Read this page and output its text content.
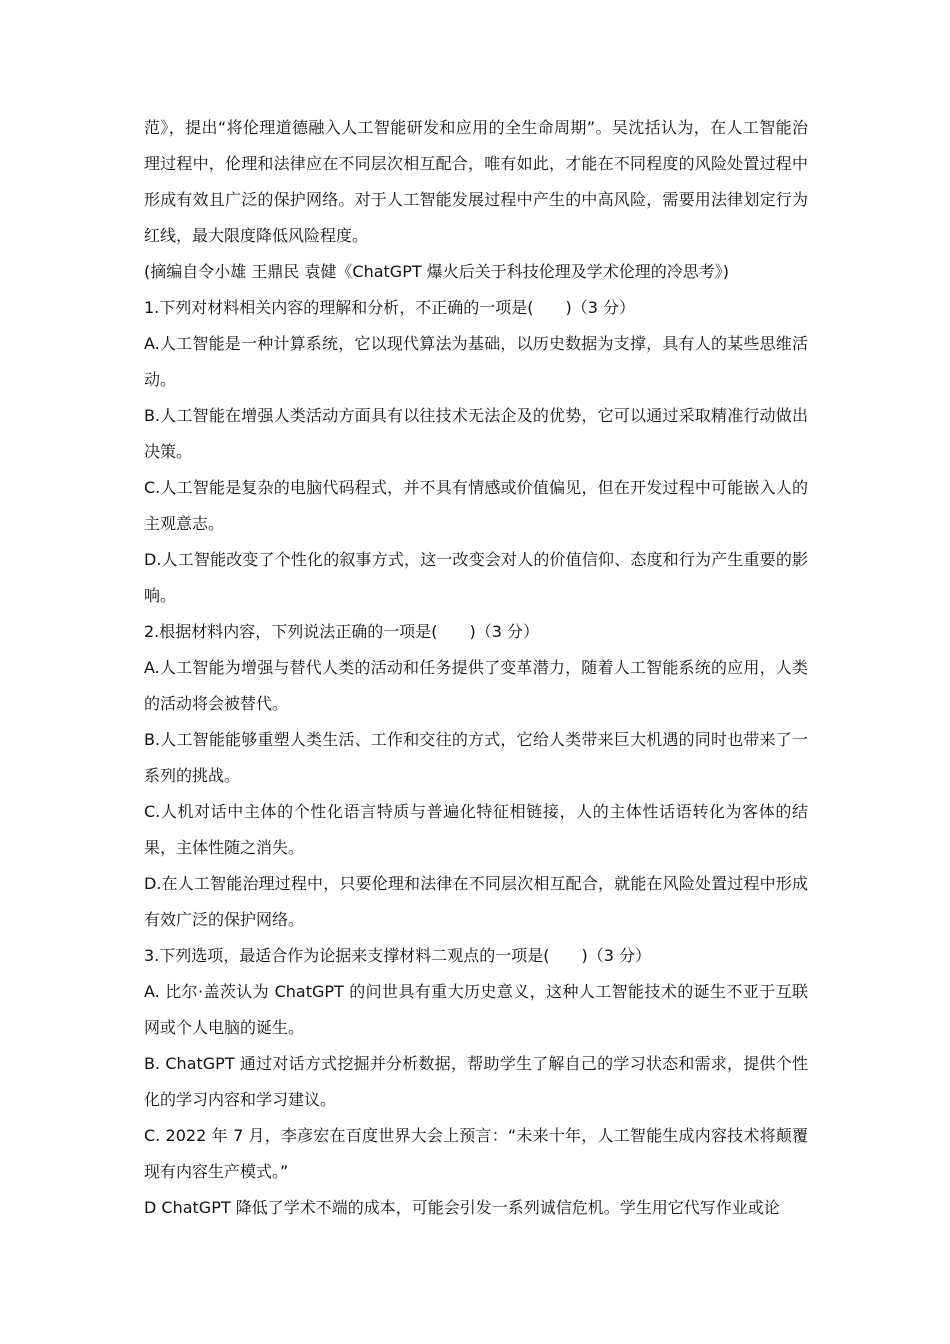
范》，提出“将伦理道德融入人工智能研发和应用的全生命周期”。吴沈括认为，在人工智能治理过程中，伦理和法律应在不同层次相互配合，唯有如此，才能在不同程度的风险处置过程中形成有效且广泛的保护网络。对于人工智能发展过程中产生的中高风险，需要用法律划定行为红线，最大限度降低风险程度。

(摘编自令小雄 王鼎民 袁健《ChatGPT 爆火后关于科技伦理及学术伦理的冷思考》)

1.下列对材料相关内容的理解和分析，不正确的一项是(　　)（3 分）

A.人工智能是一种计算系统，它以现代算法为基础，以历史数据为支撑，具有人的某些思维活动。

B.人工智能在增强人类活动方面具有以往技术无法企及的优势，它可以通过采取精准行动做出决策。

C.人工智能是复杂的电脑代码程式，并不具有情感或价值偏见，但在开发过程中可能嵌入人的主观意志。

D.人工智能改变了个性化的叙事方式，这一改变会对人的价值信仰、态度和行为产生重要的影响。

2.根据材料内容，下列说法正确的一项是(　　)（3 分）

A.人工智能为增强与替代人类的活动和任务提供了变革潜力，随着人工智能系统的应用，人类的活动将会被替代。

B.人工智能能够重塑人类生活、工作和交往的方式，它给人类带来巨大机遇的同时也带来了一系列的挑战。

C.人机对话中主体的个性化语言特质与普遍化特征相链接，人的主体性话语转化为客体的结果，主体性随之消失。

D.在人工智能治理过程中，只要伦理和法律在不同层次相互配合，就能在风险处置过程中形成有效广泛的保护网络。

3.下列选项，最适合作为论据来支撑材料二观点的一项是(　　)（3 分）

A. 比尔·盖茨认为 ChatGPT 的问世具有重大历史意义，这种人工智能技术的诞生不亚于互联网或个人电脑的诞生。

B. ChatGPT 通过对话方式挖掘并分析数据，帮助学生了解自己的学习状态和需求，提供个性化的学习内容和学习建议。

C. 2022 年 7 月，李彦宏在百度世界大会上预言：“未来十年，人工智能生成内容技术将颠覆现有内容生产模式。”

D ChatGPT 降低了学术不端的成本，可能会引发一系列诚信危机。学生用它代写作业或论
